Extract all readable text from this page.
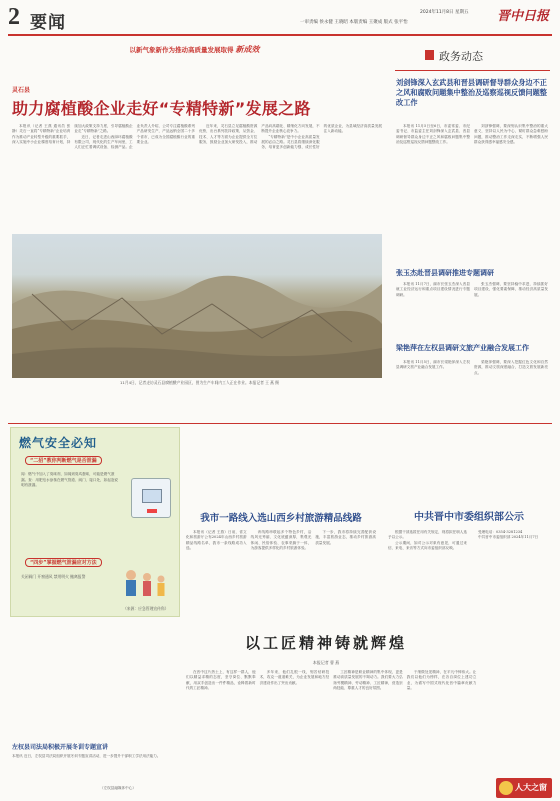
2 要闻
2024年11月8日 星期五
一审责编 侯永健 王晓昭 本版责编 王聚成 版式 张平怡	晋中日报
以新气象新作为推动高质量发展取得 新成效
灵石县
助力腐植酸企业走好“专精特新”发展之路

本报讯（记者 王燕 通讯员 张静）灵石一直将“专精特新”企业培育作为推动产业转型升级的重要抓手，深入实施中小企业梯度培育计划，持续加大政策支持力度，引导腐植酸企业走“专精特新”之路。

近日，记者走进山西绿环腐植酸有限公司，现代化的生产车间里，工人们正忙着调试设备、检测产品。企业负责人介绍，公司专注腐植酸系列产品研发生产，产品远销全国二十多个省市，已成为全国腐植酸行业的重要企业。

近年来，灵石县立足腐植酸资源优势，出台系列扶持政策，从资金、技术、人才等方面为企业提供全方位服务，鼓励企业加大研发投入，推动产品向高端化、精细化方向发展，不断提升企业核心竞争力。

“专精特新”是中小企业高质量发展的必由之路。灵石县将继续深化服务，培育更多创新能力强、成长性好的优质企业，为县域经济高质量发展注入新动能。

11月4日，记者走访灵石县腐植酸产业园区，图为生产车间内工人正在作业。本报记者 王 燕 摄
政务动态
刘剑锋深入玄武县和晋县调研督导群众身边不正之风和腐败问题集中整治及巡察巡视反馈问题整改工作

本报讯 11月5日至6日，市委常委、市纪委书记、市监委主任刘剑锋深入玄武县、晋县调研督导群众身边不正之风和腐败问题集中整治及巡察巡视反馈问题整改工作。

刘剑锋强调，要深刻认识集中整治的重大意义，坚持以人民为中心，紧盯群众急难愁盼问题，推动整治工作走深走实，不断增强人民群众获得感幸福感安全感。

张玉杰赴晋县调研推进专题调研

本报讯 11月7日，副市长张玉杰深入晋县就工业经济运行和重点项目建设情况进行专题调研。

张玉杰强调，要坚持稳中求进，持续抓好项目建设，强化要素保障，推动经济高质量发展。

梁艳萍在左权县调研文旅产业融合发展工作

本报讯 11月5日，副市长梁艳萍深入左权县调研文旅产业融合发展工作。

梁艳萍强调，要深入挖掘红色文化和自然资源，推动文旅深度融合，打造文旅发展新亮点。

燃气安全必知
“二招”教你判断燃气是否泄漏
闻：燃气中加入了臭味剂，如闻到臭鸡蛋味，可能是燃气泄漏。查：用肥皂水涂抹在燃气管道、阀门、接口处，如起泡说明有泄漏。
“四步”掌握燃气泄漏应对方法
关闭阀门 开窗通风 禁用明火 撤离报警
（来源：应急管理宣传科）
我市一路线入选山西乡村旅游精品线路

本报讯（记者 王燕）日前，省文化和旅游厅公布2024年山西乡村旅游精品线路名单，我市一条线路成功入选。

该线路串联起多个特色乡村，沿线风光秀丽、文化底蕴深厚，集观光休闲、民俗体验、农事采摘于一体，为游客提供多样化的乡村旅游体验。

下一步，我市将持续完善配套设施，丰富旅游业态，推动乡村旅游高质量发展。

中共晋中市委组织部公示

根据干部选拔任用有关规定，现将拟任职人选予以公示。

公示期间，如对公示对象有意见，可通过来信、来电、来访等方式向市委组织部反映。

受理电话：0354-3281234

中共晋中市委组织部 2024年11月7日

以工匠精神铸就辉煌
本报记者 曹 燕

在晋中这片热土上，有这样一群人，他们以精益求精的态度，坚守岗位、默默奉献，用双手创造出一件件精品，诠释着新时代的工匠精神。

多年来，他们扎根一线，刻苦钻研技术，攻克一道道难关，为企业发展和地方经济建设作出了突出贡献。

工匠精神是职业精神的集中体现，更是推动高质量发展的不竭动力。我们要大力弘扬劳模精神、劳动精神、工匠精神，营造崇尚技能、尊重人才的良好氛围。

于细微处见精神，在平凡中铸伟大。让我们以他们为榜样，在各自岗位上建功立业，为谱写中国式现代化晋中篇章贡献力量。

左权县司法局积极开展冬训专题宣讲
本报讯 近日，左权县司法局组织开展冬训专题宣讲活动，进一步提升干部职工学法用法能力。
（左权县融媒体中心）	人大之窗
